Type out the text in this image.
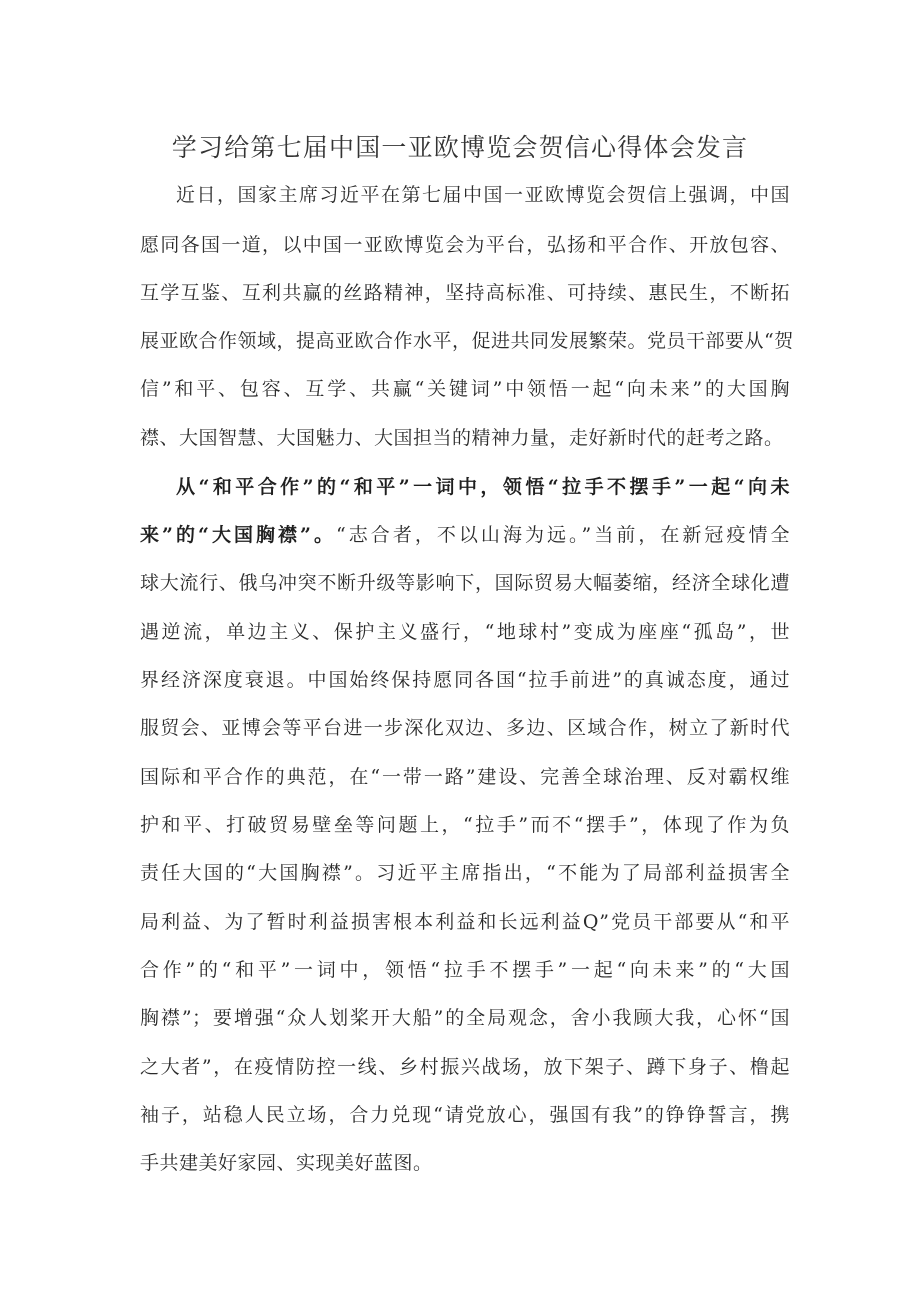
学习给第七届中国一亚欧博览会贺信心得体会发言
近日，国家主席习近平在第七届中国一亚欧博览会贺信上强调，中国
愿同各国一道，以中国一亚欧博览会为平台，弘扬和平合作、开放包容、
互学互鉴、互利共赢的丝路精神，坚持高标准、可持续、惠民生，不断拓
展亚欧合作领域，提高亚欧合作水平，促进共同发展繁荣。党员干部要从“贺
信”和平、包容、互学、共赢“关键词”中领悟一起“向未来”的大国胸
襟、大国智慧、大国魅力、大国担当的精神力量，走好新时代的赶考之路。
从“和平合作”的“和平”一词中，领悟“拉手不摆手”一起“向未
来”的“大国胸襟”。“志合者，不以山海为远。”当前，在新冠疫情全
球大流行、俄乌冲突不断升级等影响下，国际贸易大幅萎缩，经济全球化遭
遇逆流，单边主义、保护主义盛行，“地球村”变成为座座“孤岛”，世
界经济深度衰退。中国始终保持愿同各国“拉手前进”的真诚态度，通过
服贸会、亚博会等平台进一步深化双边、多边、区域合作，树立了新时代
国际和平合作的典范，在“一带一路”建设、完善全球治理、反对霸权维
护和平、打破贸易壁垒等问题上，“拉手”而不“摆手”，体现了作为负
责任大国的“大国胸襟”。习近平主席指出，“不能为了局部利益损害全
局利益、为了暂时利益损害根本利益和长远利益Q”党员干部要从“和平
合作”的“和平”一词中，领悟“拉手不摆手”一起“向未来”的“大国
胸襟”；要增强“众人划桨开大船”的全局观念，舍小我顾大我，心怀“国
之大者”，在疫情防控一线、乡村振兴战场，放下架子、蹲下身子、橹起
袖子，站稳人民立场，合力兑现“请党放心，强国有我”的铮铮誓言，携
手共建美好家园、实现美好蓝图。
